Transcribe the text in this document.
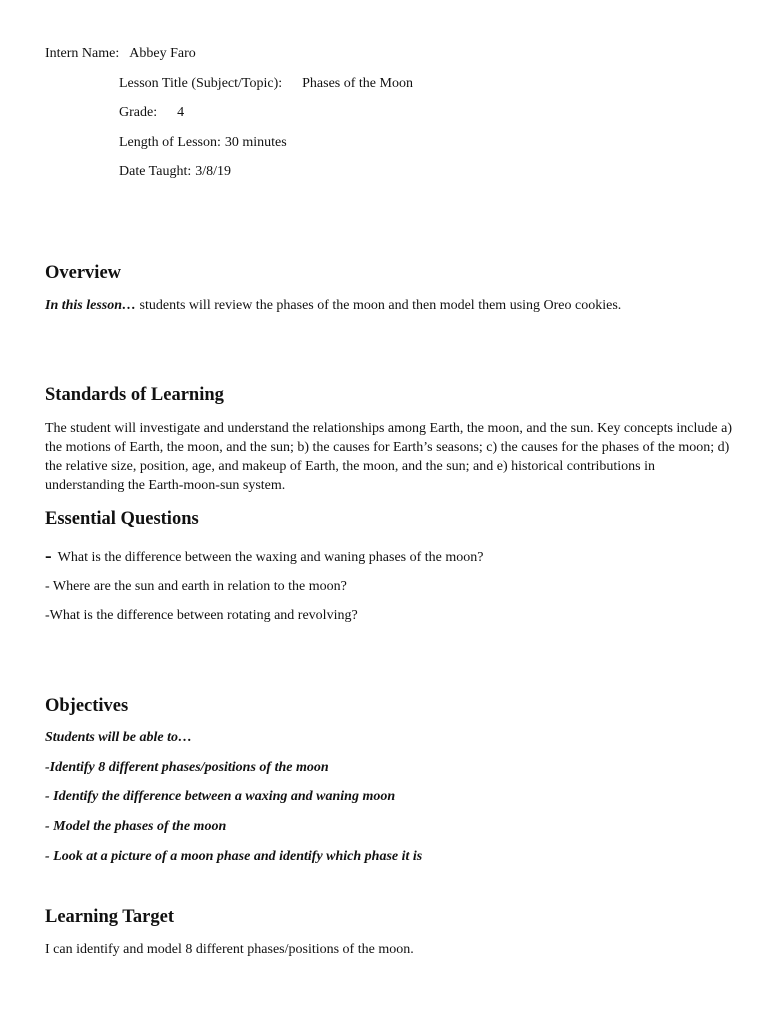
Intern Name: Abbey Faro
Lesson Title (Subject/Topic): Phases of the Moon
Grade: 4
Length of Lesson: 30 minutes
Date Taught: 3/8/19
Overview
In this lesson… students will review the phases of the moon and then model them using Oreo cookies.
Standards of Learning
The student will investigate and understand the relationships among Earth, the moon, and the sun. Key concepts include a) the motions of Earth, the moon, and the sun; b) the causes for Earth’s seasons; c) the causes for the phases of the moon; d) the relative size, position, age, and makeup of Earth, the moon, and the sun; and e) historical contributions in understanding the Earth-moon-sun system.
Essential Questions
- What is the difference between the waxing and waning phases of the moon?
- Where are the sun and earth in relation to the moon?
-What is the difference between rotating and revolving?
Objectives
Students will be able to…
-Identify 8 different phases/positions of the moon
- Identify the difference between a waxing and waning moon
- Model the phases of the moon
- Look at a picture of a moon phase and identify which phase it is
Learning Target
I can identify and model 8 different phases/positions of the moon.
